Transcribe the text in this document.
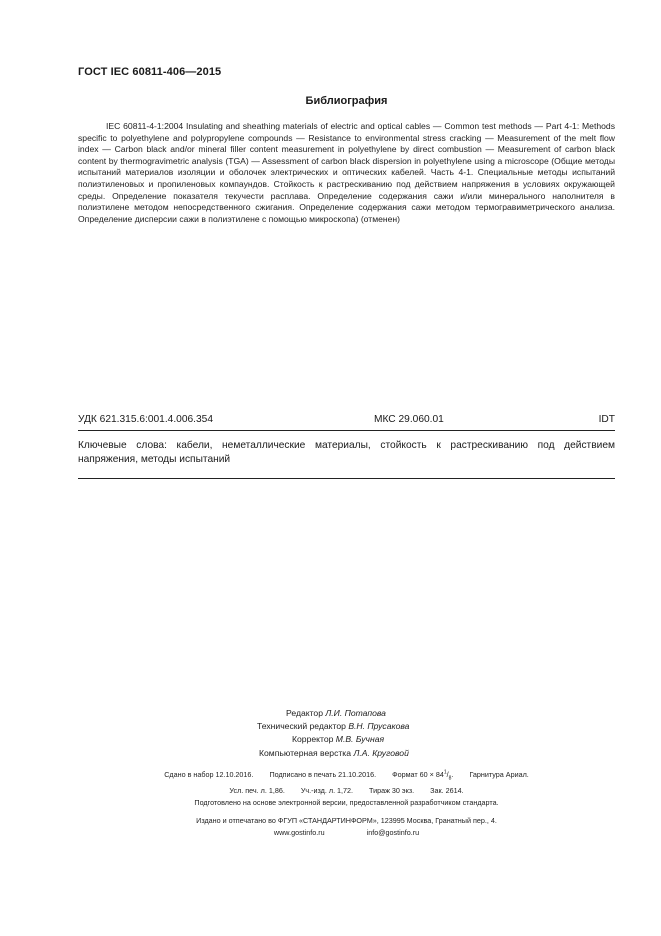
ГОСТ IEC 60811-406—2015
Библиография
IEC 60811-4-1:2004 Insulating and sheathing materials of electric and optical cables — Common test methods — Part 4-1: Methods specific to polyethylene and polypropylene compounds — Resistance to environmental stress cracking — Measurement of the melt flow index — Carbon black and/or mineral filler content measurement in polyethylene by direct combustion — Measurement of carbon black content by thermogravimetric analysis (TGA) — Assessment of carbon black dispersion in polyethylene using a microscope (Общие методы испытаний материалов изоляции и оболочек электрических и оптических кабелей. Часть 4-1. Специальные методы испытаний полиэтиленовых и пропиленовых компаундов. Стойкость к растрескиванию под действием напряжения в условиях окружающей среды. Определение показателя текучести расплава. Определение содержания сажи и/или минерального наполнителя в полиэтилене методом непосредственного сжигания. Определение содержания сажи методом термогравиметрического анализа. Определение дисперсии сажи в полиэтилене с помощью микроскопа) (отменен)
УДК 621.315.6:001.4.006.354	МКС 29.060.01	IDT
Ключевые слова: кабели, неметаллические материалы, стойкость к растрескиванию под действием напряжения, методы испытаний
Редактор Л.И. Потапова
Технический редактор В.Н. Прусакова
Корректор М.В. Бучная
Компьютерная верстка Л.А. Круговой
Сдано в набор 12.10.2016. Подписано в печать 21.10.2016. Формат $60 \times 84^1/_8$. Гарнитура Ариал.
Усл. печ. л. 1,86. Уч.-изд. л. 1,72. Тираж 30 экз. Зак. 2614.
Подготовлено на основе электронной версии, предоставленной разработчиком стандарта.
Издано и отпечатано во ФГУП «СТАНДАРТИНФОРМ», 123995 Москва, Гранатный пер., 4.
www.gostinfo.ru	info@gostinfo.ru
